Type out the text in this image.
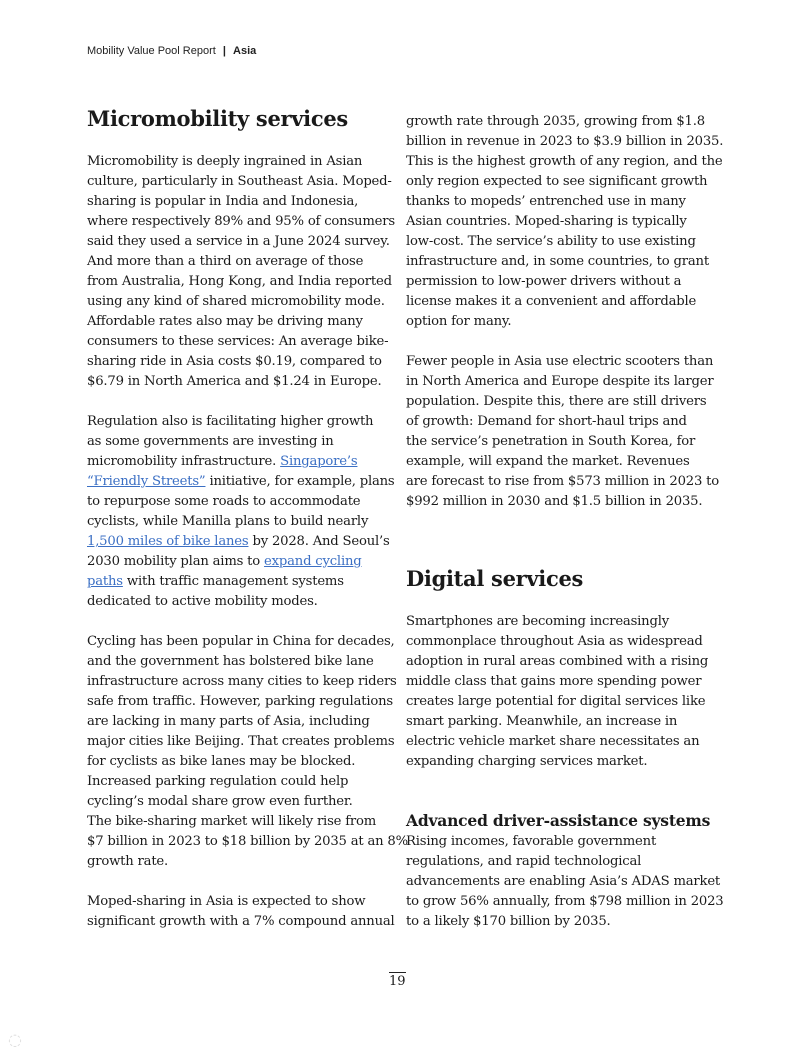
Mobility Value Pool Report | Asia
Micromobility services
Micromobility is deeply ingrained in Asian
culture, particularly in Southeast Asia. Moped-
sharing is popular in India and Indonesia,
where respectively 89% and 95% of consumers
said they used a service in a June 2024 survey.
And more than a third on average of those
from Australia, Hong Kong, and India reported
using any kind of shared micromobility mode.
Affordable rates also may be driving many
consumers to these services: An average bike-
sharing ride in Asia costs $0.19, compared to
$6.79 in North America and $1.24 in Europe.
Regulation also is facilitating higher growth
as some governments are investing in
micromobility infrastructure. Singapore’s
“Friendly Streets” initiative, for example, plans
to repurpose some roads to accommodate
cyclists, while Manilla plans to build nearly
1,500 miles of bike lanes by 2028. And Seoul’s
2030 mobility plan aims to expand cycling
paths with traffic management systems
dedicated to active mobility modes.
Cycling has been popular in China for decades,
and the government has bolstered bike lane
infrastructure across many cities to keep riders
safe from traffic. However, parking regulations
are lacking in many parts of Asia, including
major cities like Beijing. That creates problems
for cyclists as bike lanes may be blocked.
Increased parking regulation could help
cycling’s modal share grow even further.
The bike-sharing market will likely rise from
$7 billion in 2023 to $18 billion by 2035 at an 8%
growth rate.
Moped-sharing in Asia is expected to show
significant growth with a 7% compound annual
growth rate through 2035, growing from $1.8
billion in revenue in 2023 to $3.9 billion in 2035.
This is the highest growth of any region, and the
only region expected to see significant growth
thanks to mopeds’ entrenched use in many
Asian countries. Moped-sharing is typically
low-cost. The service’s ability to use existing
infrastructure and, in some countries, to grant
permission to low-power drivers without a
license makes it a convenient and affordable
option for many.
Fewer people in Asia use electric scooters than
in North America and Europe despite its larger
population. Despite this, there are still drivers
of growth: Demand for short-haul trips and
the service’s penetration in South Korea, for
example, will expand the market. Revenues
are forecast to rise from $573 million in 2023 to
$992 million in 2030 and $1.5 billion in 2035.
Digital services
Smartphones are becoming increasingly
commonplace throughout Asia as widespread
adoption in rural areas combined with a rising
middle class that gains more spending power
creates large potential for digital services like
smart parking. Meanwhile, an increase in
electric vehicle market share necessitates an
expanding charging services market.
Advanced driver-assistance systems
Rising incomes, favorable government
regulations, and rapid technological
advancements are enabling Asia’s ADAS market
to grow 56% annually, from $798 million in 2023
to a likely $170 billion by 2035.
19
◌
